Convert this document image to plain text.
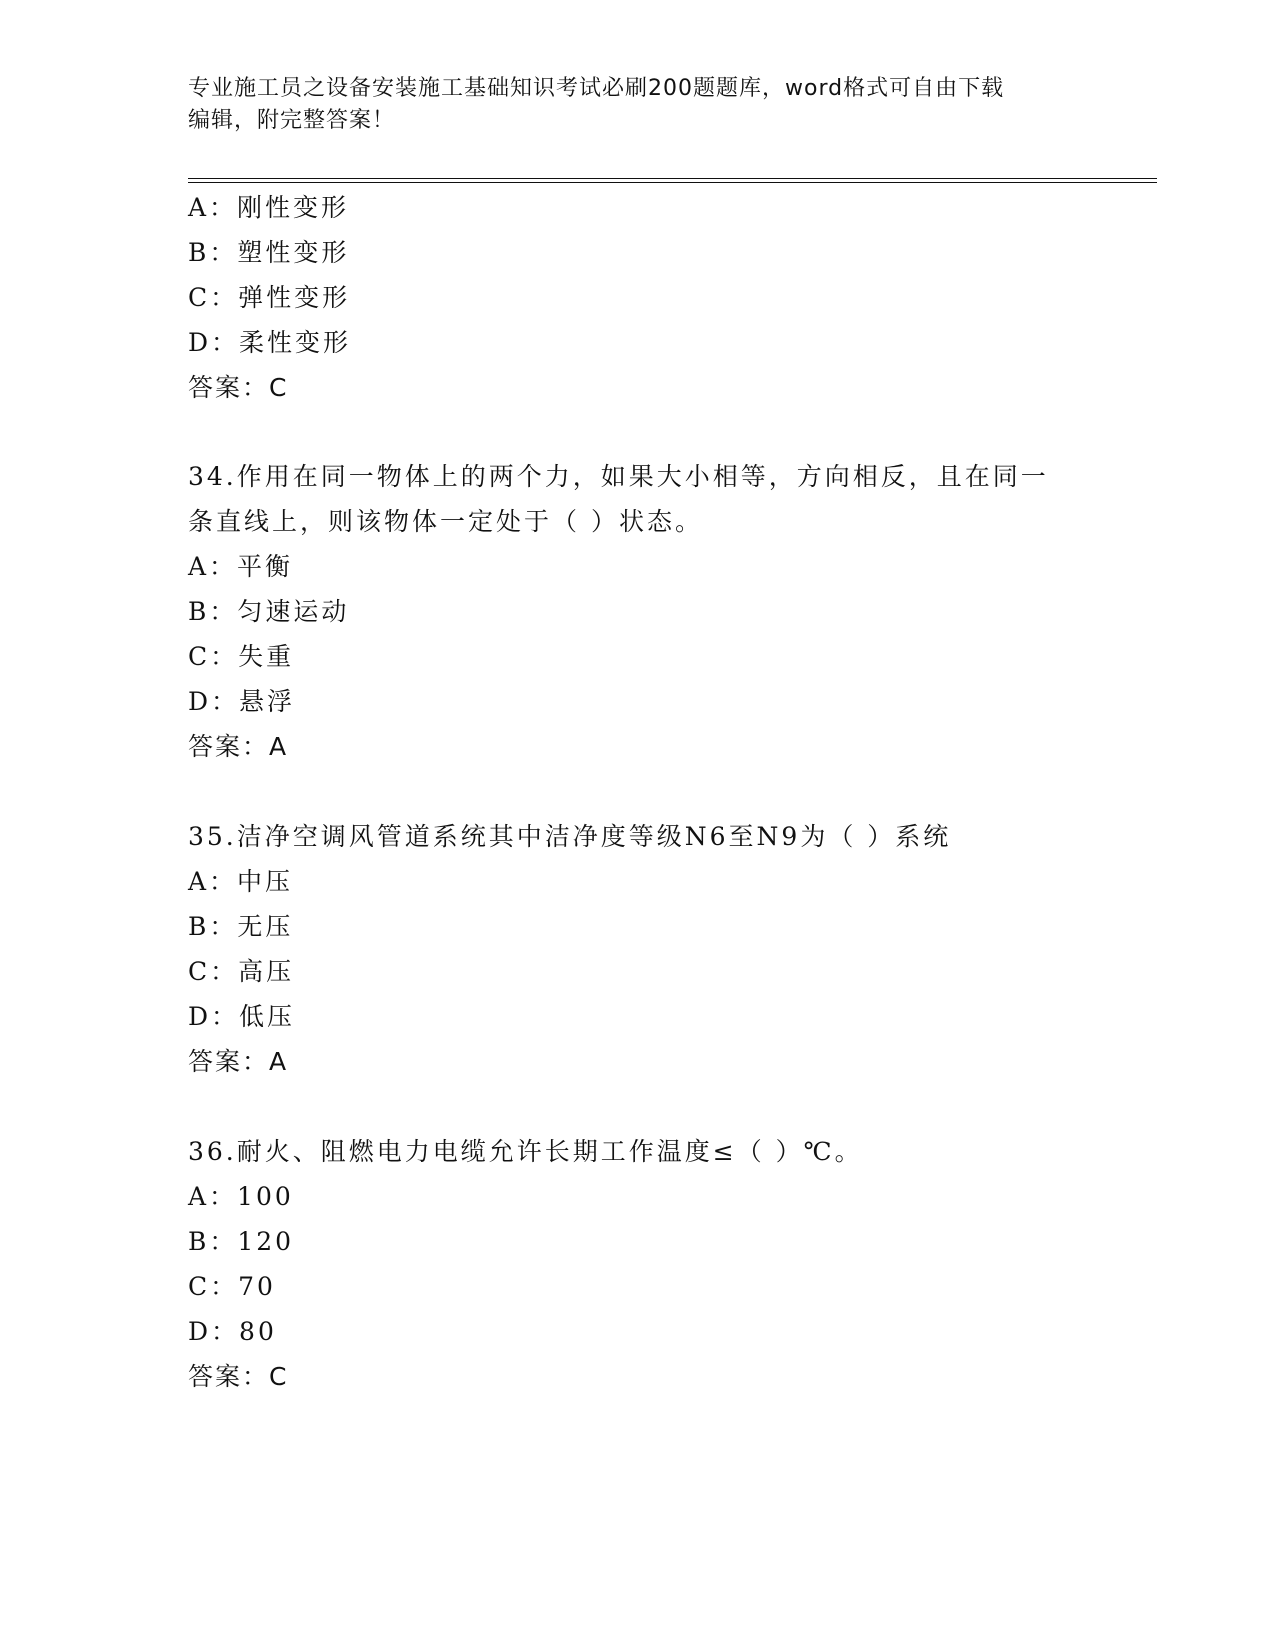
专业施工员之设备安装施工基础知识考试必刷200题题库，word格式可自由下载
编辑，附完整答案！
A：刚性变形
B：塑性变形
C：弹性变形
D：柔性变形
答案：C
34.作用在同一物体上的两个力，如果大小相等，方向相反，且在同一
条直线上，则该物体一定处于（ ）状态。
A：平衡
B：匀速运动
C：失重
D：悬浮
答案：A
35.洁净空调风管道系统其中洁净度等级N6至N9为（ ）系统
A：中压
B：无压
C：高压
D：低压
答案：A
36.耐火、阻燃电力电缆允许长期工作温度≤（ ）℃。
A：100
B：120
C：70
D：80
答案：C
